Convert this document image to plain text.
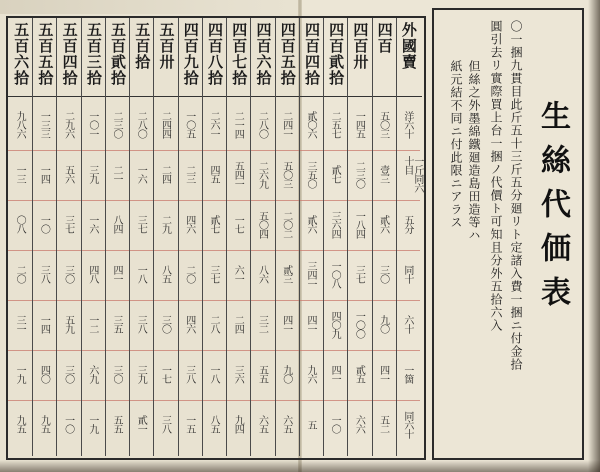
五百六拾
九八六
一三
〇八
二〇
三一
一九
九五
五百五拾
一三三
一四
一〇
三八
一四
四〇
九五
五百四拾
二九六
五六
三七
三〇
五九
三〇
一〇
五百三拾
一〇一
三九
一六
四八
一二
六九
一九
五百貮拾
二三〇
二一
八四
四一
三五
三〇
五五
五百拾
二八〇
一六
三七
一八
三八
三九
貳一
五百卅
二四四
二四
二九
八五
三〇
一七
三八
四百九拾
一〇五
二三
四六
二〇
四六
三八
一五
四百八拾
二六一
四五
貳七
三七
二八
一八
八五
四百七拾
二一四
五四一
一七
六一
二四
三六
九四
四百六拾
二八〇
二六九
五〇四
八六
三二
五五
六五
四百五拾
二四一
五〇三
二〇二
貳三
四一
九〇
六五
四百四拾
貳〇六
三五〇
貳六
三四一
四一
九六
五
四百貮拾
二五七
貳七
三六四
一〇八
四〇九
四一
一〇
四百卅
一四五
二三〇
一八四
三七
一〇〇
貳五
六六
四百
五〇三
壹三
貳六
三〇
九〇
四一
五二
外國賣
洋六十
一斤同六十目
五分
同十
六十
一箇
同六十
生絲代価表
〇一捆九貫目此斤五十三斤五分廻リト定諸入費一捆ニ付金拾
圓引去リ實際買上台一捆ノ代價ト可知且分外五拾六入
但絲之外墨綿鐵廻造島田造等ハ
紙元結不同ニ付此限ニアラス
